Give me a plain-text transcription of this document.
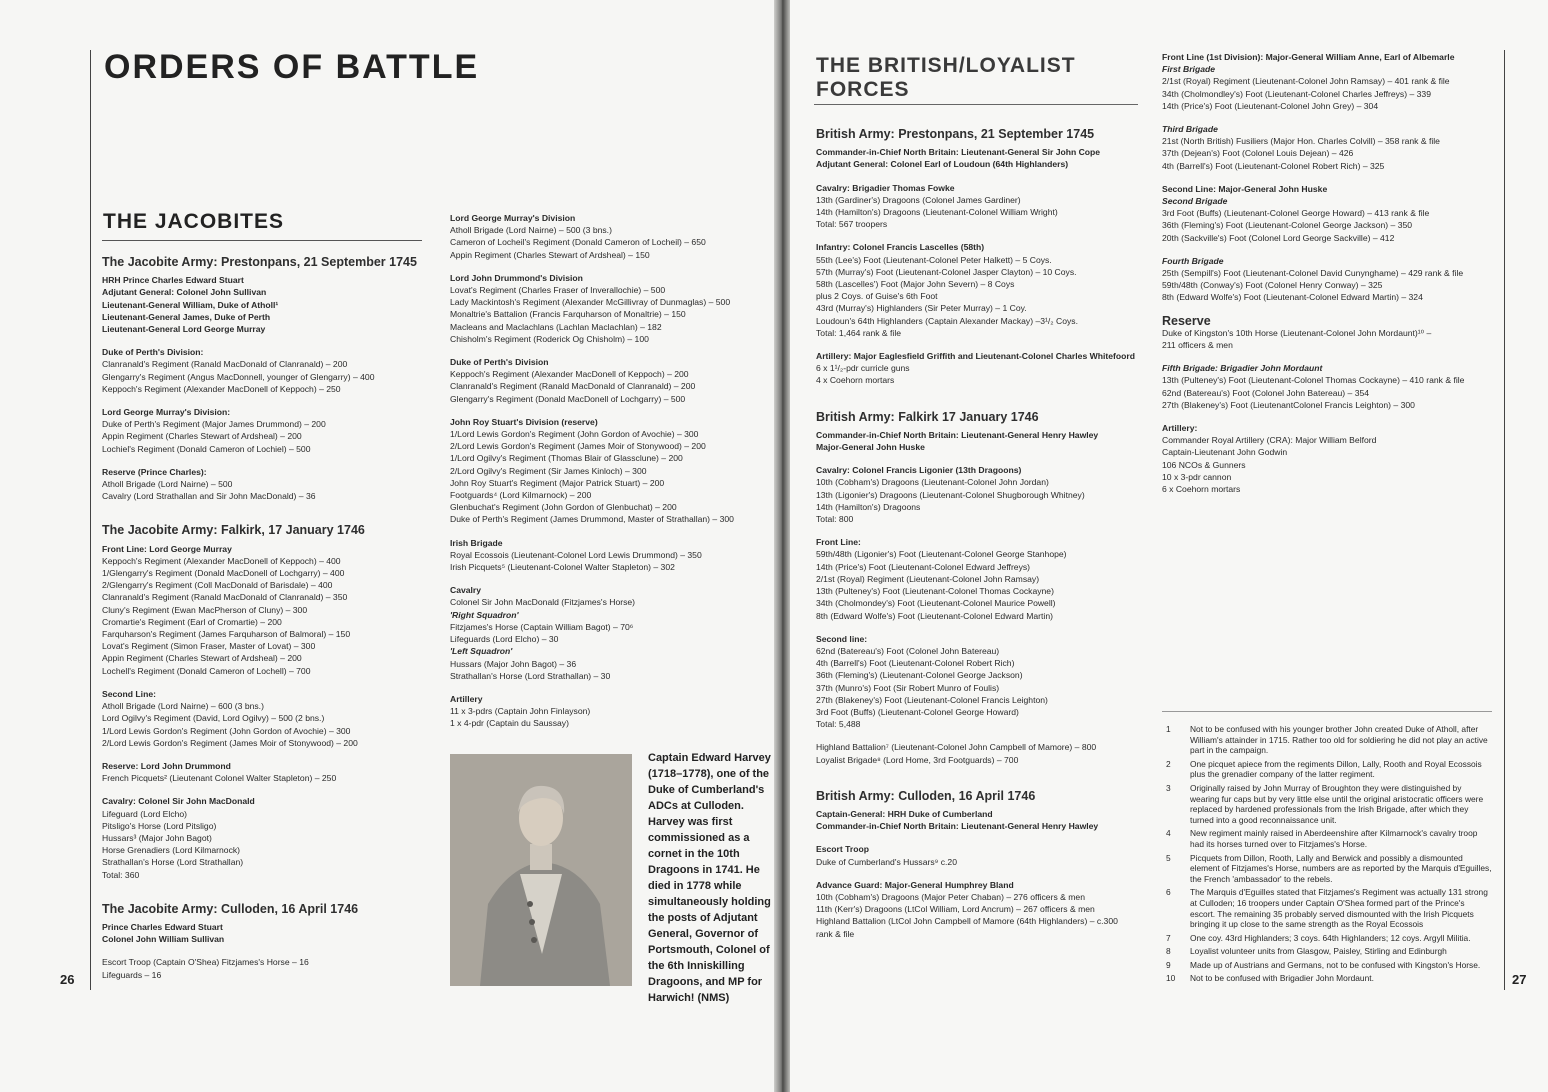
ORDERS OF BATTLE
THE JACOBITES

The Jacobite Army: Prestonpans, 21 September 1745

HRH Prince Charles Edward Stuart

Adjutant General: Colonel John Sullivan

Lieutenant-General William, Duke of Atholl¹

Lieutenant-General James, Duke of Perth

Lieutenant-General Lord George Murray

Duke of Perth's Division:

Clanranald's Regiment (Ranald MacDonald of Clanranald) – 200

Glengarry's Regiment (Angus MacDonnell, younger of Glengarry) – 400

Keppoch's Regiment (Alexander MacDonell of Keppoch) – 250

Lord George Murray's Division:

Duke of Perth's Regiment (Major James Drummond) – 200

Appin Regiment (Charles Stewart of Ardsheal) – 200

Lochiel's Regiment (Donald Cameron of Lochiel) – 500

Reserve (Prince Charles):

Atholl Brigade (Lord Nairne) – 500

Cavalry (Lord Strathallan and Sir John MacDonald) – 36

The Jacobite Army: Falkirk, 17 January 1746

Front Line: Lord George Murray

Keppoch's Regiment (Alexander MacDonell of Keppoch) – 400

1/Glengarry's Regiment (Donald MacDonell of Lochgarry) – 400

2/Glengarry's Regiment (Coll MacDonald of Barisdale) – 400

Clanranald's Regiment (Ranald MacDonald of Clanranald) – 350

Cluny's Regiment (Ewan MacPherson of Cluny) – 300

Cromartie's Regiment (Earl of Cromartie) – 200

Farquharson's Regiment (James Farquharson of Balmoral) – 150

Lovat's Regiment (Simon Fraser, Master of Lovat) – 300

Appin Regiment (Charles Stewart of Ardsheal) – 200

Lochell's Regiment (Donald Cameron of Lochell) – 700

Second Line:

Atholl Brigade (Lord Nairne) – 600 (3 bns.)

Lord Ogilvy's Regiment (David, Lord Ogilvy) – 500 (2 bns.)

1/Lord Lewis Gordon's Regiment (John Gordon of Avochie) – 300

2/Lord Lewis Gordon's Regiment (James Moir of Stonywood) – 200

Reserve: Lord John Drummond

French Picquets² (Lieutenant Colonel Walter Stapleton) – 250

Cavalry: Colonel Sir John MacDonald

Lifeguard (Lord Elcho)

Pitsligo's Horse (Lord Pitsligo)

Hussars³ (Major John Bagot)

Horse Grenadiers (Lord Kilmarnock)

Strathallan's Horse (Lord Strathallan)

Total: 360

The Jacobite Army: Culloden, 16 April 1746

Prince Charles Edward Stuart

Colonel John William Sullivan

Escort Troop (Captain O'Shea) Fitzjames's Horse – 16

Lifeguards – 16

Lord George Murray's Division

Atholl Brigade (Lord Nairne) – 500 (3 bns.)

Cameron of Locheil's Regiment (Donald Cameron of Locheil) – 650

Appin Regiment (Charles Stewart of Ardsheal) – 150

Lord John Drummond's Division

Lovat's Regiment (Charles Fraser of Inverallochie) – 500

Lady Mackintosh's Regiment (Alexander McGillivray of Dunmaglas) – 500

Monaltrie's Battalion (Francis Farquharson of Monaltrie) – 150

Macleans and Maclachlans (Lachlan Maclachlan) – 182

Chisholm's Regiment (Roderick Og Chisholm) – 100

Duke of Perth's Division

Keppoch's Regiment (Alexander MacDonell of Keppoch) – 200

Clanranald's Regiment (Ranald MacDonald of Clanranald) – 200

Glengarry's Regiment (Donald MacDonell of Lochgarry) – 500

John Roy Stuart's Division (reserve)

1/Lord Lewis Gordon's Regiment (John Gordon of Avochie) – 300

2/Lord Lewis Gordon's Regiment (James Moir of Stonywood) – 200

1/Lord Ogilvy's Regiment (Thomas Blair of Glassclune) – 200

2/Lord Ogilvy's Regiment (Sir James Kinloch) – 300

John Roy Stuart's Regiment (Major Patrick Stuart) – 200

Footguards⁴ (Lord Kilmarnock) – 200

Glenbuchat's Regiment (John Gordon of Glenbuchat) – 200

Duke of Perth's Regiment (James Drummond, Master of Strathallan) – 300

Irish Brigade

Royal Ecossois (Lieutenant-Colonel Lord Lewis Drummond) – 350

Irish Picquets⁵ (Lieutenant-Colonel Walter Stapleton) – 302

Cavalry

Colonel Sir John MacDonald (Fitzjames's Horse)

'Right Squadron'

Fitzjames's Horse (Captain William Bagot) – 70⁶

Lifeguards (Lord Elcho) – 30

'Left Squadron'

Hussars (Major John Bagot) – 36

Strathallan's Horse (Lord Strathallan) – 30

Artillery

11 x 3-pdrs (Captain John Finlayson)

1 x 4-pdr (Captain du Saussay)

Captain Edward Harvey (1718–1778), one of the Duke of Cumberland's ADCs at Culloden. Harvey was first commissioned as a cornet in the 10th Dragoons in 1741. He died in 1778 while simultaneously holding the posts of Adjutant General, Governor of Portsmouth, Colonel of the 6th Inniskilling Dragoons, and MP for Harwich! (NMS)
26
THE BRITISH/LOYALIST
FORCES

British Army: Prestonpans, 21 September 1745

Commander-in-Chief North Britain: Lieutenant-General Sir John Cope

Adjutant General: Colonel Earl of Loudoun (64th Highlanders)

Cavalry: Brigadier Thomas Fowke

13th (Gardiner's) Dragoons (Colonel James Gardiner)

14th (Hamilton's) Dragoons (Lieutenant-Colonel William Wright)

Total: 567 troopers

Infantry: Colonel Francis Lascelles (58th)

55th (Lee's) Foot (Lieutenant-Colonel Peter Halkett) – 5 Coys.

57th (Murray's) Foot (Lieutenant-Colonel Jasper Clayton) – 10 Coys.

58th (Lascelles') Foot (Major John Severn) – 8 Coys

plus 2 Coys. of Guise's 6th Foot

43rd (Murray's) Highlanders (Sir Peter Murray) – 1 Coy.

Loudoun's 64th Highlanders (Captain Alexander Mackay) –3¹/₂ Coys.

Total: 1,464 rank & file

Artillery: Major Eaglesfield Griffith and Lieutenant-Colonel Charles Whitefoord

6 x 1¹/₂-pdr curricle guns

4 x Coehorn mortars

British Army: Falkirk 17 January 1746

Commander-in-Chief North Britain: Lieutenant-General Henry Hawley

Major-General John Huske

Cavalry: Colonel Francis Ligonier (13th Dragoons)

10th (Cobham's) Dragoons (Lieutenant-Colonel John Jordan)

13th (Ligonier's) Dragoons (Lieutenant-Colonel Shugborough Whitney)

14th (Hamilton's) Dragoons

Total: 800

Front Line:

59th/48th (Ligonier's) Foot (Lieutenant-Colonel George Stanhope)

14th (Price's) Foot (Lieutenant-Colonel Edward Jeffreys)

2/1st (Royal) Regiment (Lieutenant-Colonel John Ramsay)

13th (Pulteney's) Foot (Lieutenant-Colonel Thomas Cockayne)

34th (Cholmondey's) Foot (Lieutenant-Colonel Maurice Powell)

8th (Edward Wolfe's) Foot (Lieutenant-Colonel Edward Martin)

Second line:

62nd (Batereau's) Foot (Colonel John Batereau)

4th (Barrell's) Foot (Lieutenant-Colonel Robert Rich)

36th (Fleming's) (Lieutenant-Colonel George Jackson)

37th (Munro's) Foot (Sir Robert Munro of Foulis)

27th (Blakeney's) Foot (Lieutenant-Colonel Francis Leighton)

3rd Foot (Buffs) (Lieutenant-Colonel George Howard)

Total: 5,488

Highland Battalion⁷ (Lieutenant-Colonel John Campbell of Mamore) – 800

Loyalist Brigade⁸ (Lord Home, 3rd Footguards) – 700

British Army: Culloden, 16 April 1746

Captain-General: HRH Duke of Cumberland

Commander-in-Chief North Britain: Lieutenant-General Henry Hawley

Escort Troop

Duke of Cumberland's Hussars⁹ c.20

Advance Guard: Major-General Humphrey Bland

10th (Cobham's) Dragoons (Major Peter Chaban) – 276 officers & men

11th (Kerr's) Dragoons (LtCol William, Lord Ancrum) – 267 officers & men

Highland Battalion (LtCol John Campbell of Mamore (64th Highlanders) – c.300

rank & file

Front Line (1st Division): Major-General William Anne, Earl of Albemarle

First Brigade

2/1st (Royal) Regiment (Lieutenant-Colonel John Ramsay) – 401 rank & file

34th (Cholmondley's) Foot (Lieutenant-Colonel Charles Jeffreys) – 339

14th (Price's) Foot (Lieutenant-Colonel John Grey) – 304

Third Brigade

21st (North British) Fusiliers (Major Hon. Charles Colvill) – 358 rank & file

37th (Dejean's) Foot (Colonel Louis Dejean) – 426

4th (Barrell's) Foot (Lieutenant-Colonel Robert Rich) – 325

Second Line: Major-General John Huske

Second Brigade

3rd Foot (Buffs) (Lieutenant-Colonel George Howard) – 413 rank & file

36th (Fleming's) Foot (Lieutenant-Colonel George Jackson) – 350

20th (Sackville's) Foot (Colonel Lord George Sackville) – 412

Fourth Brigade

25th (Sempill's) Foot (Lieutenant-Colonel David Cunynghame) – 429 rank & file

59th/48th (Conway's) Foot (Colonel Henry Conway) – 325

8th (Edward Wolfe's) Foot (Lieutenant-Colonel Edward Martin) – 324

Reserve

Duke of Kingston's 10th Horse (Lieutenant-Colonel John Mordaunt)¹⁰ –

211 officers & men

Fifth Brigade: Brigadier John Mordaunt

13th (Pulteney's) Foot (Lieutenant-Colonel Thomas Cockayne) – 410 rank & file

62nd (Batereau's) Foot (Colonel John Batereau) – 354

27th (Blakeney's) Foot (LieutenantColonel Francis Leighton) – 300

Artillery:

Commander Royal Artillery (CRA): Major William Belford

Captain-Lieutenant John Godwin

106 NCOs & Gunners

10 x 3-pdr cannon

6 x Coehorn mortars

1	Not to be confused with his younger brother John created Duke of Atholl, after William's attainder in 1715. Rather too old for soldiering he did not play an active part in the campaign.
2	One picquet apiece from the regiments Dillon, Lally, Rooth and Royal Ecossois plus the grenadier company of the latter regiment.
3	Originally raised by John Murray of Broughton they were distinguished by wearing fur caps but by very little else until the original aristocratic officers were replaced by hardened professionals from the Irish Brigade, after which they turned into a good reconnaissance unit.
4	New regiment mainly raised in Aberdeenshire after Kilmarnock's cavalry troop had its horses turned over to Fitzjames's Horse.
5	Picquets from Dillon, Rooth, Lally and Berwick and possibly a dismounted element of Fitzjames's Horse, numbers are as reported by the Marquis d'Eguilles, the French 'ambassador' to the rebels.
6	The Marquis d'Eguilles stated that Fitzjames's Regiment was actually 131 strong at Culloden; 16 troopers under Captain O'Shea formed part of the Prince's escort. The remaining 35 probably served dismounted with the Irish Picquets bringing it up close to the same strength as the Royal Ecossois
7	One coy. 43rd Highlanders; 3 coys. 64th Highlanders; 12 coys. Argyll Militia.
8	Loyalist volunteer units from Glasgow, Paisley, Stirling and Edinburgh
9	Made up of Austrians and Germans, not to be confused with Kingston's Horse.
10	Not to be confused with Brigadier John Mordaunt.	27
